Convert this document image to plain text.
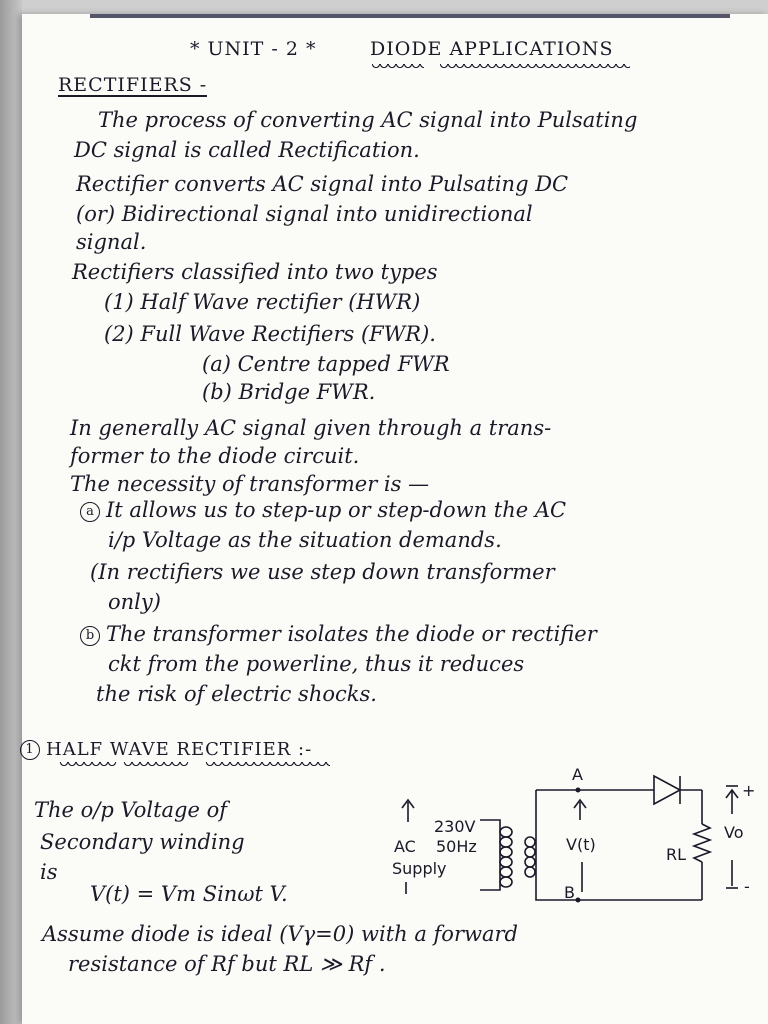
* UNIT - 2 *	DIODE APPLICATIONS
RECTIFIERS -
The process of converting AC signal into Pulsating
DC signal is called Rectification.
Rectifier converts AC signal into Pulsating DC
(or) Bidirectional signal into unidirectional
signal.
Rectifiers classified into two types
(1) Half Wave rectifier (HWR)
(2) Full Wave Rectifiers (FWR).
(a) Centre tapped FWR
(b) Bridge FWR.
In generally AC signal given through a trans-
former to the diode circuit.
The necessity of transformer is —
a It allows us to step-up or step-down the AC
i/p Voltage as the situation demands.
(In rectifiers we use step down transformer
only)
b The transformer isolates the diode or rectifier
ckt from the powerline, thus it reduces
the risk of electric shocks.
1 HALF WAVE RECTIFIER :-
The o/p Voltage of
Secondary winding
is
V(t) = Vm Sinωt V.
Assume diode is ideal (Vγ=0) with a forward
resistance of Rf but RL ≫ Rf .
230V
AC 50Hz
Supply
A
B
V(t)
RL
+
Vo
-
